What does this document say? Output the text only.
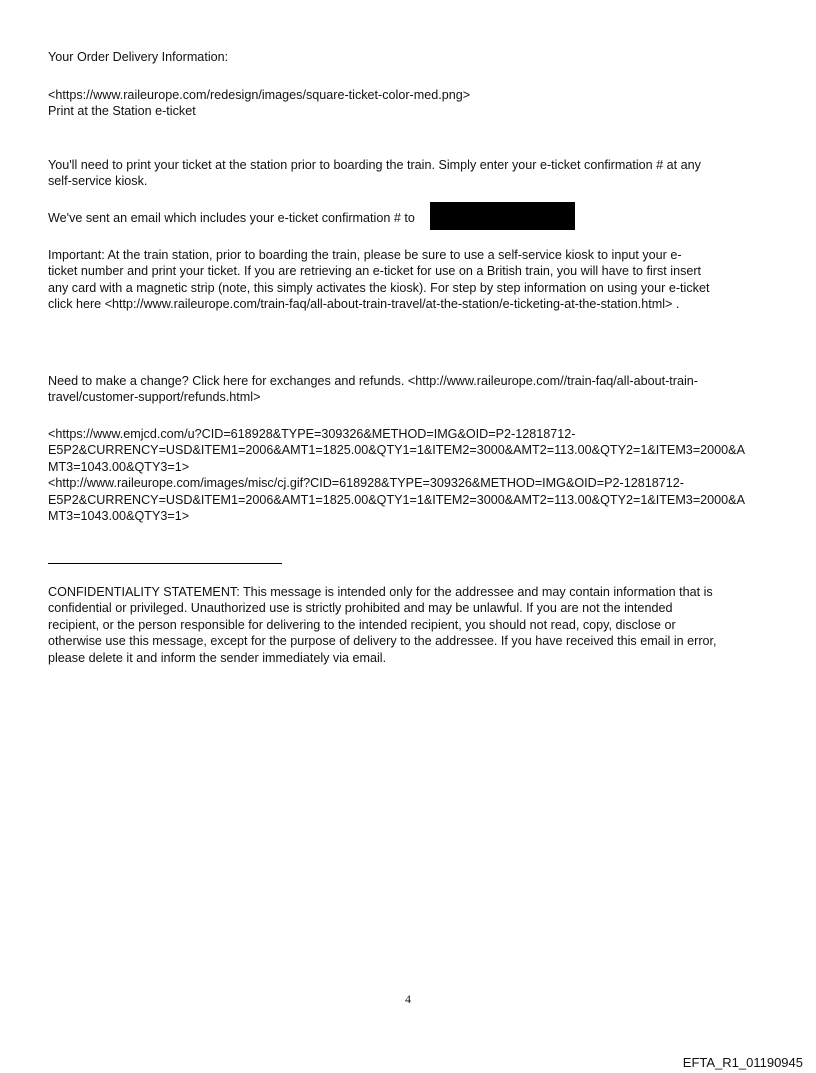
Your Order Delivery Information:
<https://www.raileurope.com/redesign/images/square-ticket-color-med.png>
Print at the Station e-ticket
You'll need to print your ticket at the station prior to boarding the train. Simply enter your e-ticket confirmation # at any
self-service kiosk.
We've sent an email which includes your e-ticket confirmation # to
Important: At the train station, prior to boarding the train, please be sure to use a self-service kiosk to input your e-
ticket number and print your ticket. If you are retrieving an e-ticket for use on a British train, you will have to first insert
any card with a magnetic strip (note, this simply activates the kiosk). For step by step information on using your e-ticket
click here <http://www.raileurope.com/train-faq/all-about-train-travel/at-the-station/e-ticketing-at-the-station.html> .
Need to make a change? Click here for exchanges and refunds. <http://www.raileurope.com//train-faq/all-about-train-
travel/customer-support/refunds.html>
<https://www.emjcd.com/u?CID=618928&TYPE=309326&METHOD=IMG&OID=P2-12818712-
E5P2&CURRENCY=USD&ITEM1=2006&AMT1=1825.00&QTY1=1&ITEM2=3000&AMT2=113.00&QTY2=1&ITEM3=2000&A
MT3=1043.00&QTY3=1>
<http://www.raileurope.com/images/misc/cj.gif?CID=618928&TYPE=309326&METHOD=IMG&OID=P2-12818712-
E5P2&CURRENCY=USD&ITEM1=2006&AMT1=1825.00&QTY1=1&ITEM2=3000&AMT2=113.00&QTY2=1&ITEM3=2000&A
MT3=1043.00&QTY3=1>
CONFIDENTIALITY STATEMENT: This message is intended only for the addressee and may contain information that is
confidential or privileged. Unauthorized use is strictly prohibited and may be unlawful. If you are not the intended
recipient, or the person responsible for delivering to the intended recipient, you should not read, copy, disclose or
otherwise use this message, except for the purpose of delivery to the addressee. If you have received this email in error,
please delete it and inform the sender immediately via email.
4
EFTA_R1_01190945
